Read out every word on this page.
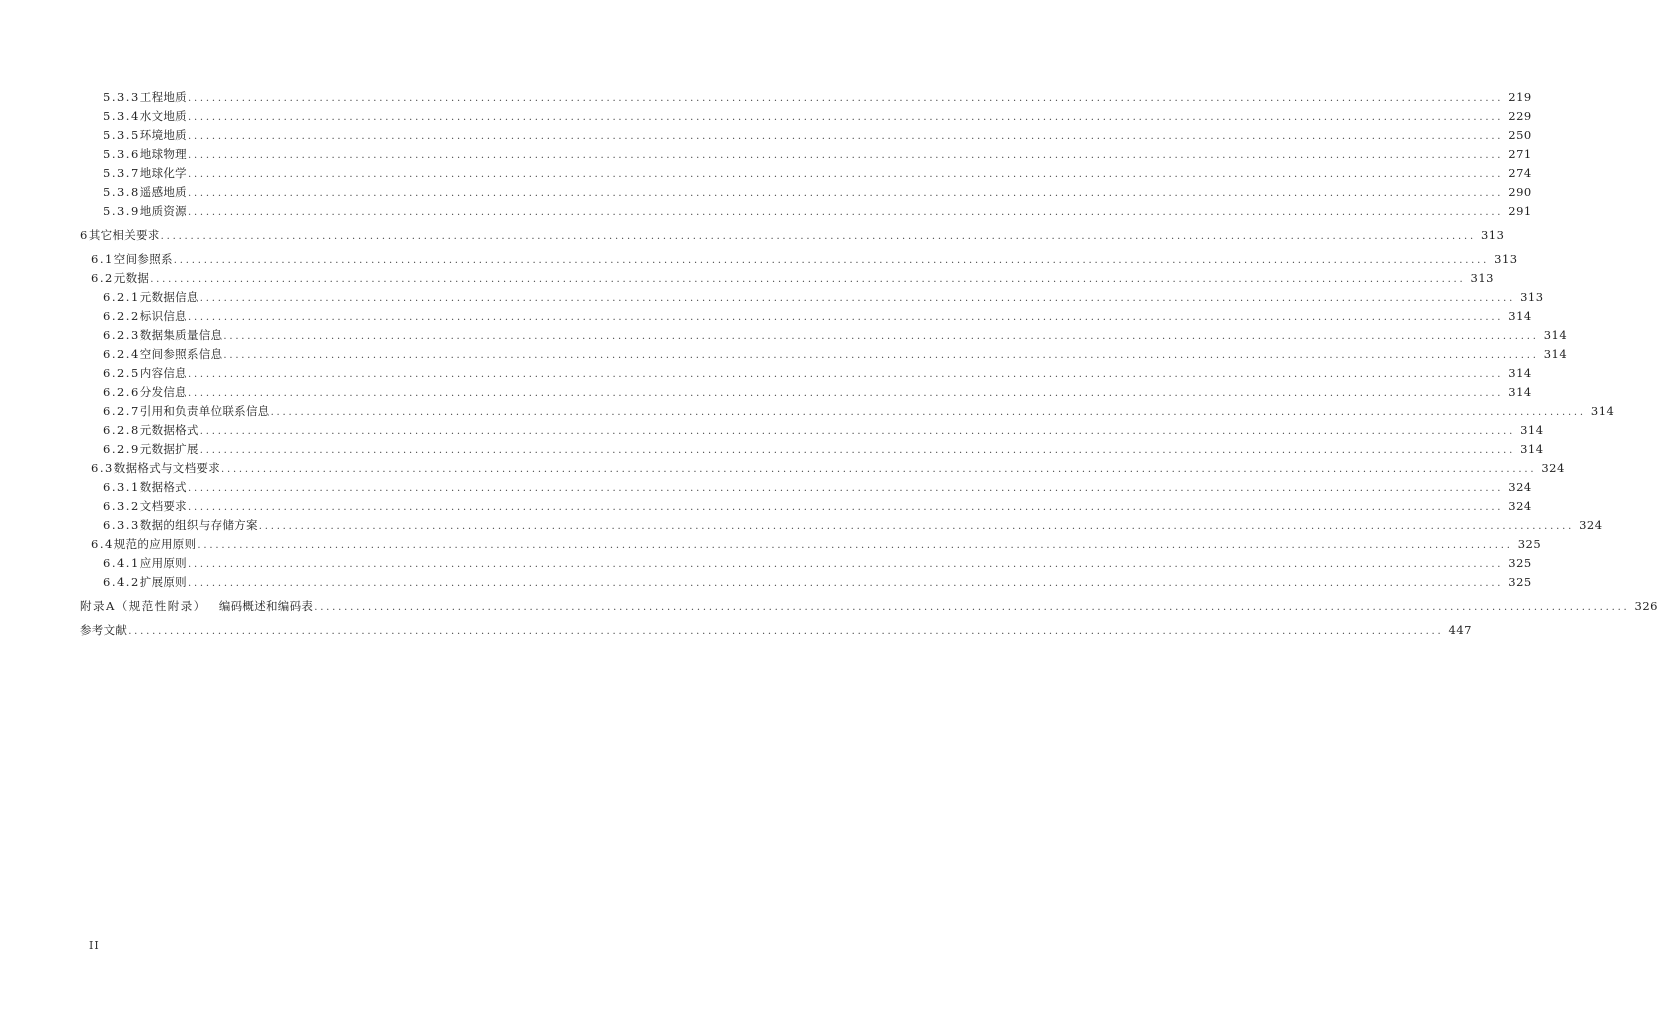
5.3.3 工程地质 ............................................................................................................................................................................................................................ 219
5.3.4 水文地质 ............................................................................................................................................................................................................................ 229
5.3.5 环境地质 ............................................................................................................................................................................................................................ 250
5.3.6 地球物理 ............................................................................................................................................................................................................................ 271
5.3.7 地球化学 ............................................................................................................................................................................................................................ 274
5.3.8 遥感地质 ............................................................................................................................................................................................................................ 290
5.3.9 地质资源 ............................................................................................................................................................................................................................ 291
6 其它相关要求 ............................................................................................................................................................................................................................ 313
6.1 空间参照系 ............................................................................................................................................................................................................................ 313
6.2 元数据 ............................................................................................................................................................................................................................ 313
6.2.1 元数据信息 ............................................................................................................................................................................................................................ 313
6.2.2 标识信息 ............................................................................................................................................................................................................................ 314
6.2.3 数据集质量信息 ............................................................................................................................................................................................................................ 314
6.2.4 空间参照系信息 ............................................................................................................................................................................................................................ 314
6.2.5 内容信息 ............................................................................................................................................................................................................................ 314
6.2.6 分发信息 ............................................................................................................................................................................................................................ 314
6.2.7 引用和负责单位联系信息 ............................................................................................................................................................................................................................ 314
6.2.8 元数据格式 ............................................................................................................................................................................................................................ 314
6.2.9 元数据扩展 ............................................................................................................................................................................................................................ 314
6.3 数据格式与文档要求 ............................................................................................................................................................................................................................ 324
6.3.1 数据格式 ............................................................................................................................................................................................................................ 324
6.3.2 文档要求 ............................................................................................................................................................................................................................ 324
6.3.3 数据的组织与存储方案 ............................................................................................................................................................................................................................ 324
6.4 规范的应用原则 ............................................................................................................................................................................................................................ 325
6.4.1 应用原则 ............................................................................................................................................................................................................................ 325
6.4.2 扩展原则 ............................................................................................................................................................................................................................ 325
附录A（规范性附录） 编码概述和编码表 ............................................................................................................................................................................................................................ 326
参考文献 ............................................................................................................................................................................................................................ 447
II
